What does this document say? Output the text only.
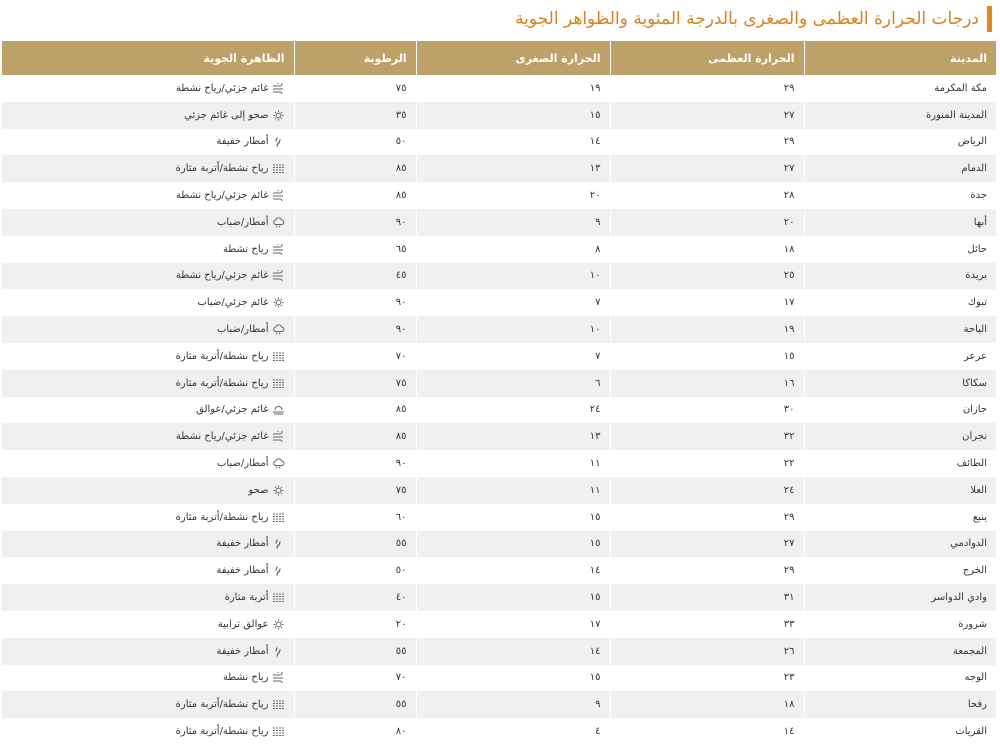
درجات الحرارة العظمى والصغرى بالدرجة المئوية والظواهر الجوية
المدينة	الحرارة العظمى	الحرارة الصغرى	الرطوبة	الظاهرة الجوية
مكة المكرمة	٢٩	١٩	٧٥	غائم جزئي/رياح نشطة

المدينة المنورة	٢٧	١٥	٣٥	صحو إلى غائم جزئي

الرياض	٢٩	١٤	٥٠	أمطار خفيفة

الدمام	٢٧	١٣	٨٥	رياح نشطة/أتربة مثارة

جدة	٢٨	٢٠	٨٥	غائم جزئي/رياح نشطة

أبها	٢٠	٩	٩٠	أمطار/ضباب

حائل	١٨	٨	٦٥	رياح نشطة

بريدة	٢٥	١٠	٤٥	غائم جزئي/رياح نشطة

تبوك	١٧	٧	٩٠	غائم جزئي/ضباب

الباحة	١٩	١٠	٩٠	أمطار/ضباب

عرعر	١٥	٧	٧٠	رياح نشطة/أتربة مثارة

سكاكا	١٦	٦	٧٥	رياح نشطة/أتربة مثارة

جازان	٣٠	٢٤	٨٥	غائم جزئي/عوالق

نجران	٣٢	١٣	٨٥	غائم جزئي/رياح نشطة

الطائف	٢٢	١١	٩٠	أمطار/ضباب

العلا	٢٤	١١	٧٥	صحو

ينبع	٢٩	١٥	٦٠	رياح نشطة/أتربة مثارة

الدوادمي	٢٧	١٥	٥٥	أمطار خفيفة

الخرج	٢٩	١٤	٥٠	أمطار خفيفة

وادي الدواسر	٣١	١٥	٤٠	أتربة مثارة

شرورة	٣٣	١٧	٢٠	عوالق ترابية

المجمعة	٢٦	١٤	٥٥	أمطار خفيفة

الوجه	٢٣	١٥	٧٠	رياح نشطة

رفحا	١٨	٩	٥٥	رياح نشطة/أتربة مثارة

القريات	١٤	٤	٨٠	رياح نشطة/أتربة مثارة
